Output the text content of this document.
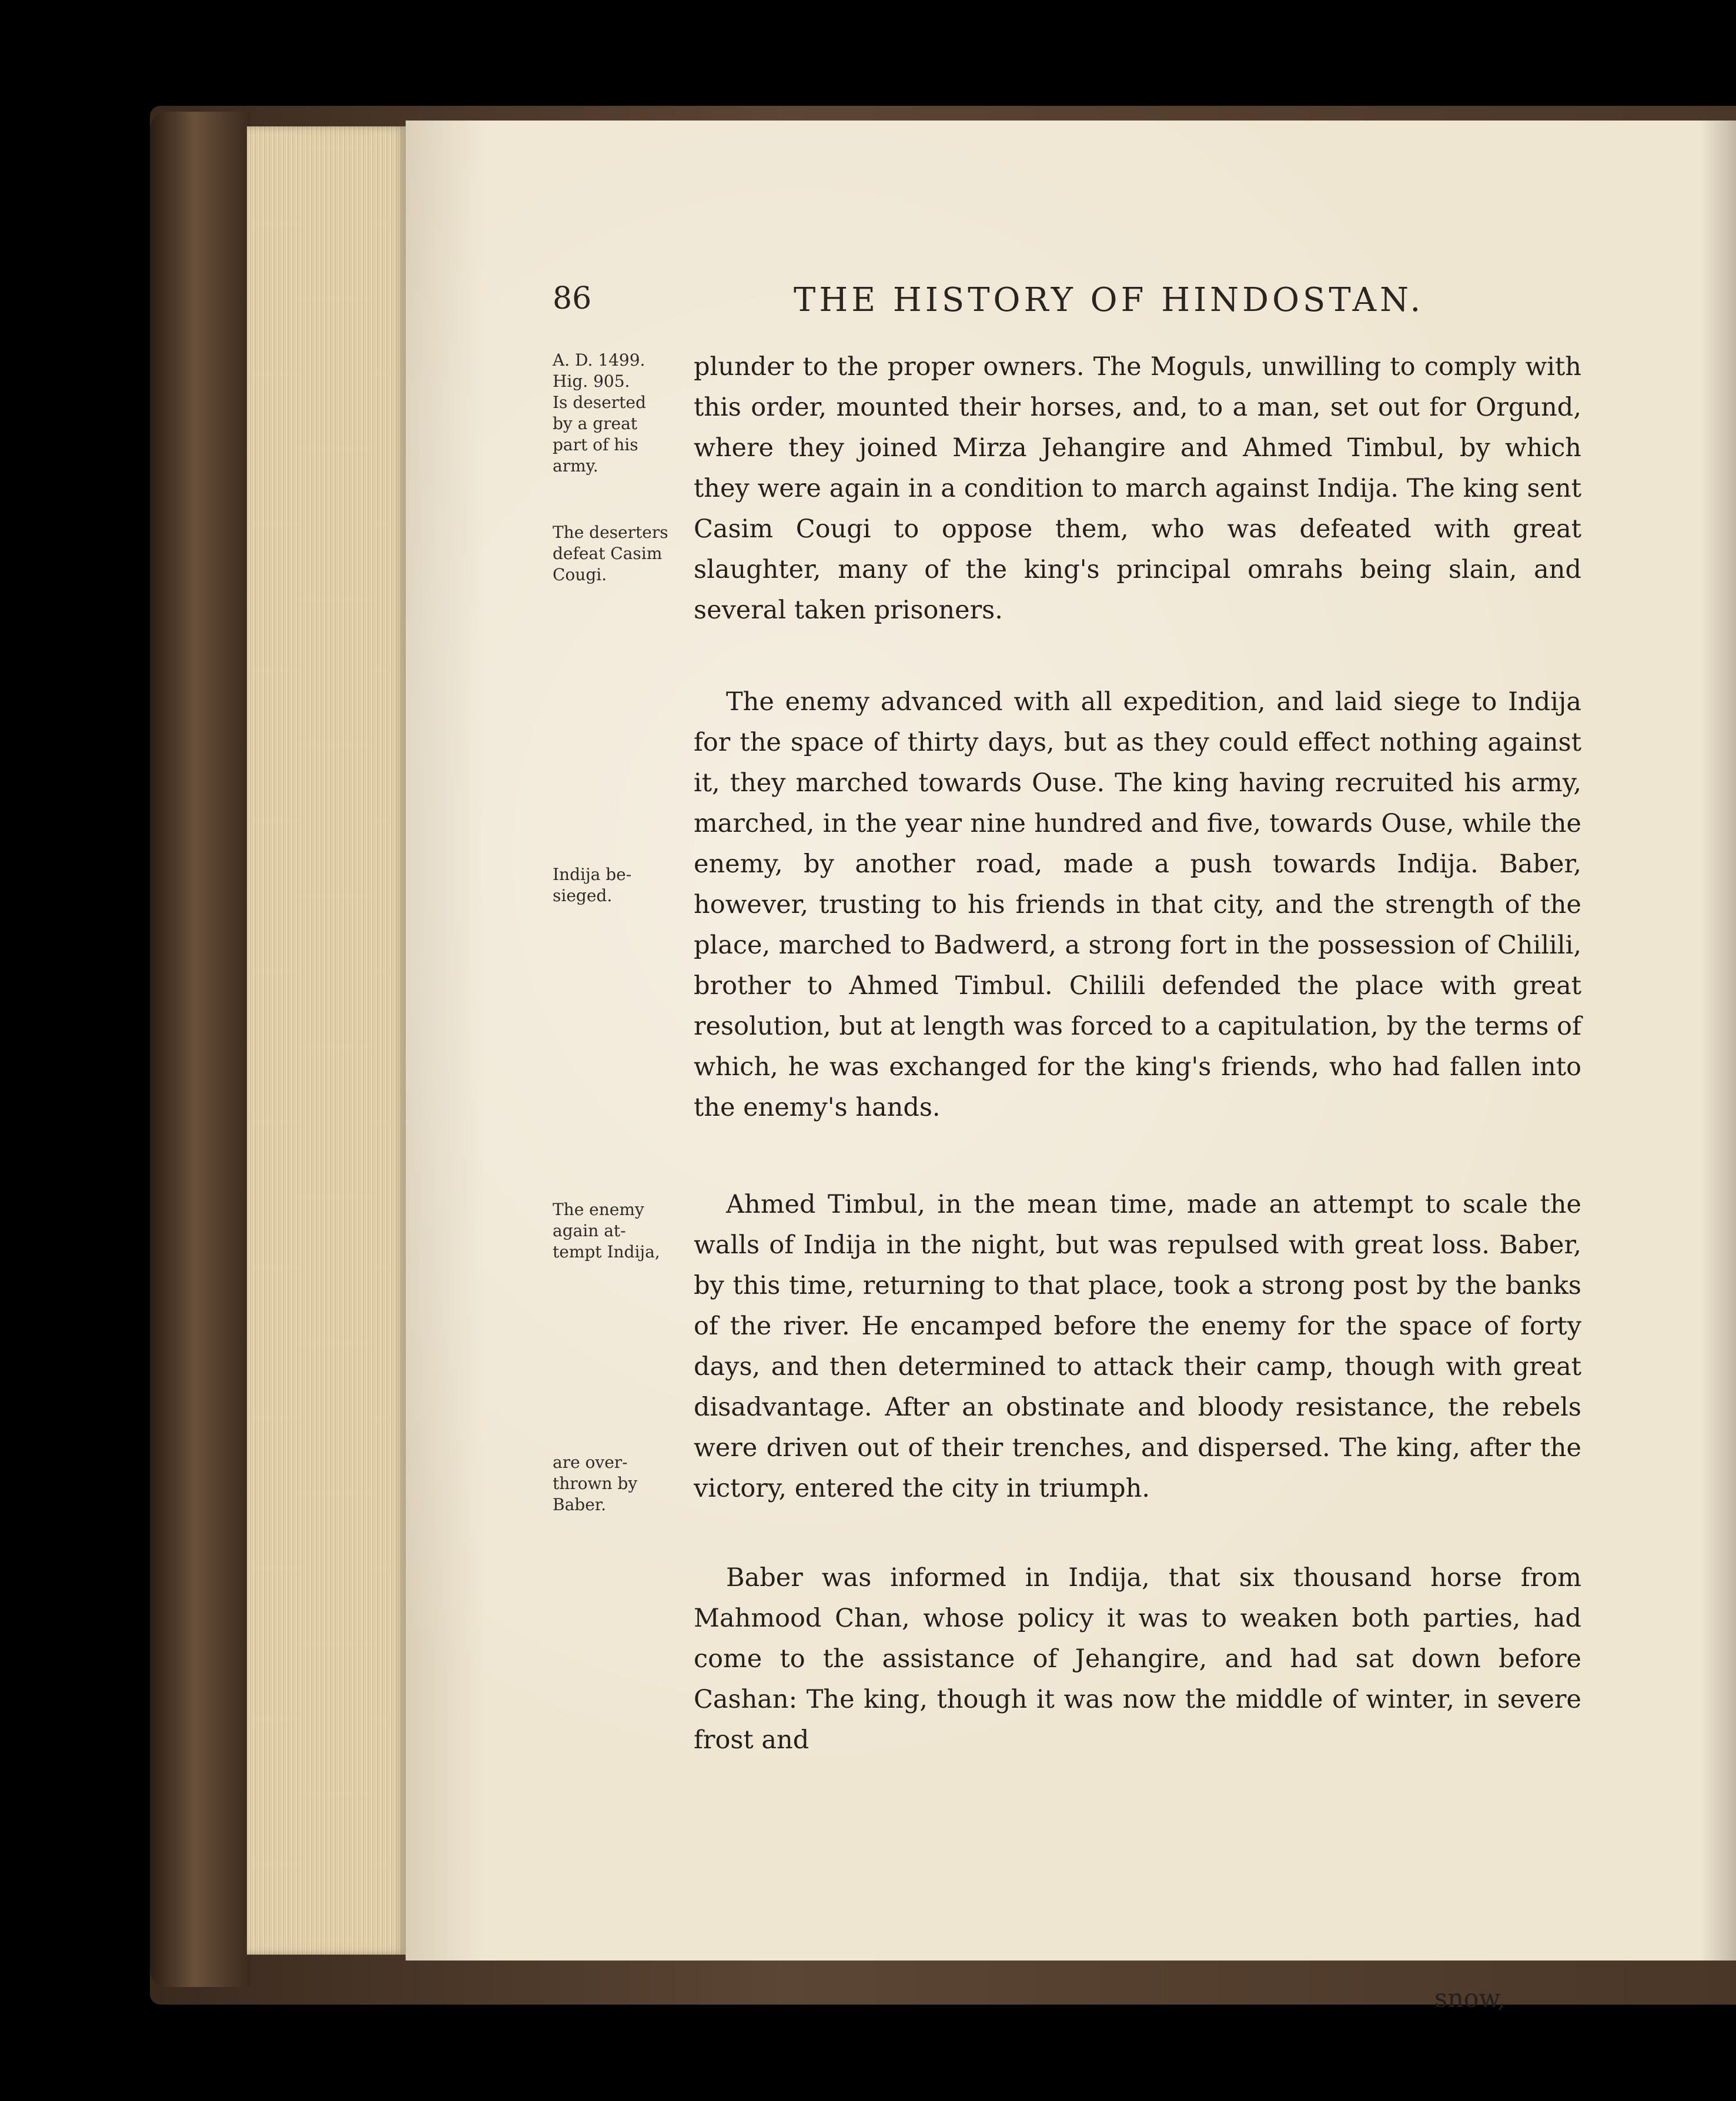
86	THE HISTORY OF HINDOSTAN.
A. D. 1499.
Hig. 905.
Is deserted
by a great
part of his
army.
The deserters
defeat Casim
Cougi.
Indija be-
sieged.
The enemy
again at-
tempt Indija,
are over-
thrown by
Baber.

plunder to the proper owners. The Moguls, unwilling to comply with this order, mounted their horses, and, to a man, set out for Orgund, where they joined Mirza Jehangire and Ahmed Timbul, by which they were again in a condition to march against Indija. The king sent Casim Cougi to oppose them, who was defeated with great slaughter, many of the king's principal omrahs being slain, and several taken prisoners.

The enemy advanced with all expedition, and laid siege to Indija for the space of thirty days, but as they could effect nothing against it, they marched towards Ouse. The king having recruited his army, marched, in the year nine hundred and five, towards Ouse, while the enemy, by another road, made a push towards Indija. Baber, however, trusting to his friends in that city, and the strength of the place, marched to Badwerd, a strong fort in the possession of Chilili, brother to Ahmed Timbul. Chilili defended the place with great resolution, but at length was forced to a capitulation, by the terms of which, he was exchanged for the king's friends, who had fallen into the enemy's hands.

Ahmed Timbul, in the mean time, made an attempt to scale the walls of Indija in the night, but was repulsed with great loss. Baber, by this time, returning to that place, took a strong post by the banks of the river. He encamped before the enemy for the space of forty days, and then determined to attack their camp, though with great disadvantage. After an obstinate and bloody resistance, the rebels were driven out of their trenches, and dispersed. The king, after the victory, entered the city in triumph.

Baber was informed in Indija, that six thousand horse from Mahmood Chan, whose policy it was to weaken both parties, had come to the assistance of Jehangire, and had sat down before Cashan: The king, though it was now the middle of winter, in severe frost and

snow,
